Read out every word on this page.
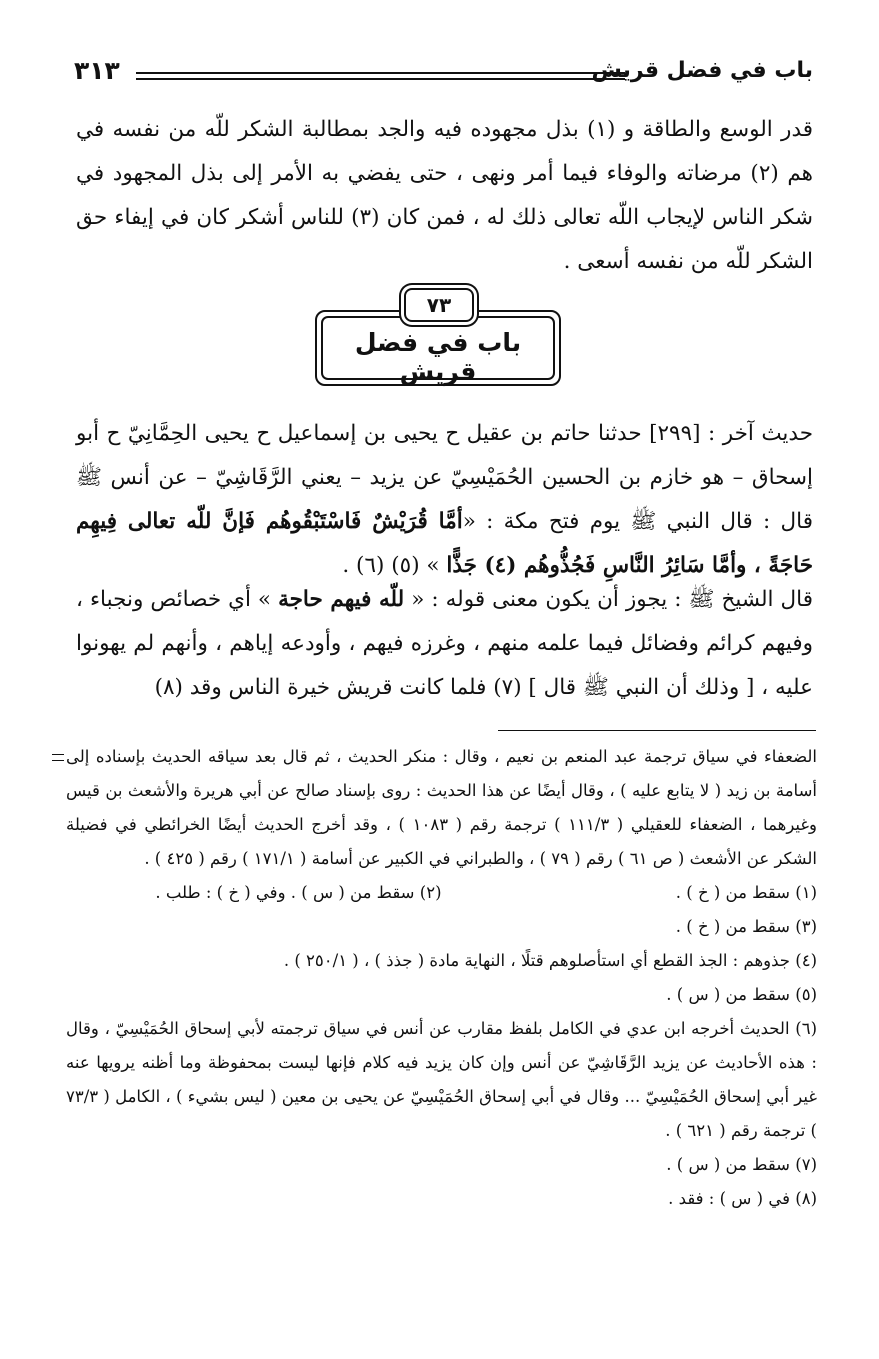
باب في فضل قريش
٣١٣

قدر الوسع والطاقة و (١) بذل مجهوده فيه والجد بمطالبة الشكر للّه من نفسه في هم (٢) مرضاته والوفاء فيما أمر ونهى ، حتى يفضي به الأمر إلى بذل المجهود في شكر الناس لإيجاب اللّه تعالى ذلك له ، فمن كان (٣) للناس أشكر كان في إيفاء حق الشكر للّه من نفسه أسعى .

٧٣
باب في فضل قريش

حديث آخر : [٢٩٩] حدثنا حاتم بن عقيل ح يحيى بن إسماعيل ح يحيى الحِمَّانِيّ ح أبو إسحاق – هو خازم بن الحسين الحُمَيْسِيّ عن يزيد – يعني الرَّقَاشِيّ – عن أنس ﷺ قال : قال النبي ﷺ يوم فتح مكة : «أمَّا قُرَيْشٌ فَاسْتَبْقُوهُم فَإنَّ للّه تعالى فِيهِم حَاجَةً ، وأمَّا سَائِرُ النَّاسِ فَجُذُّوهُم (٤) جَذًّا » (٥) (٦) .

قال الشيخ ﷺ : يجوز أن يكون معنى قوله : « للّه فيهم حاجة » أي خصائص ونجباء ، وفيهم كرائم وفضائل فيما علمه منهم ، وغرزه فيهم ، وأودعه إياهم ، وأنهم لم يهونوا عليه ، [ وذلك أن النبي ﷺ قال ] (٧) فلما كانت قريش خيرة الناس وقد (٨)

الضعفاء في سياق ترجمة عبد المنعم بن نعيم ، وقال : منكر الحديث ، ثم قال بعد سياقه الحديث بإسناده إلى أسامة بن زيد ( لا يتابع عليه ) ، وقال أيضًا عن هذا الحديث : روى بإسناد صالح عن أبي هريرة والأشعث بن قيس وغيرهما ، الضعفاء للعقيلي ( ١١١/٣ ) ترجمة رقم ( ١٠٨٣ ) ، وقد أخرج الحديث أيضًا الخرائطي في فضيلة الشكر عن الأشعث ( ص ٦١ ) رقم ( ٧٩ ) ، والطبراني في الكبير عن أسامة ( ١٧١/١ ) رقم ( ٤٢٥ ) .

(١) سقط من ( خ ) .
(٢) سقط من ( س ) . وفي ( خ ) : طلب .

(٣) سقط من ( خ ) .

(٤) جذوهم : الجذ القطع أي استأصلوهم قتلًا ، النهاية مادة ( جذذ ) ، ( ٢٥٠/١ ) .

(٥) سقط من ( س ) .

(٦) الحديث أخرجه ابن عدي في الكامل بلفظ مقارب عن أنس في سياق ترجمته لأبي إسحاق الحُمَيْسِيّ ، وقال : هذه الأحاديث عن يزيد الرَّقَاشِيّ عن أنس وإن كان يزيد فيه كلام فإنها ليست بمحفوظة وما أظنه يرويها عنه غير أبي إسحاق الحُمَيْسِيّ ... وقال في أبي إسحاق الحُمَيْسِيّ عن يحيى بن معين ( ليس بشيء ) ، الكامل ( ٧٣/٣ ) ترجمة رقم ( ٦٢١ ) .

(٧) سقط من ( س ) .

(٨) في ( س ) : فقد .
